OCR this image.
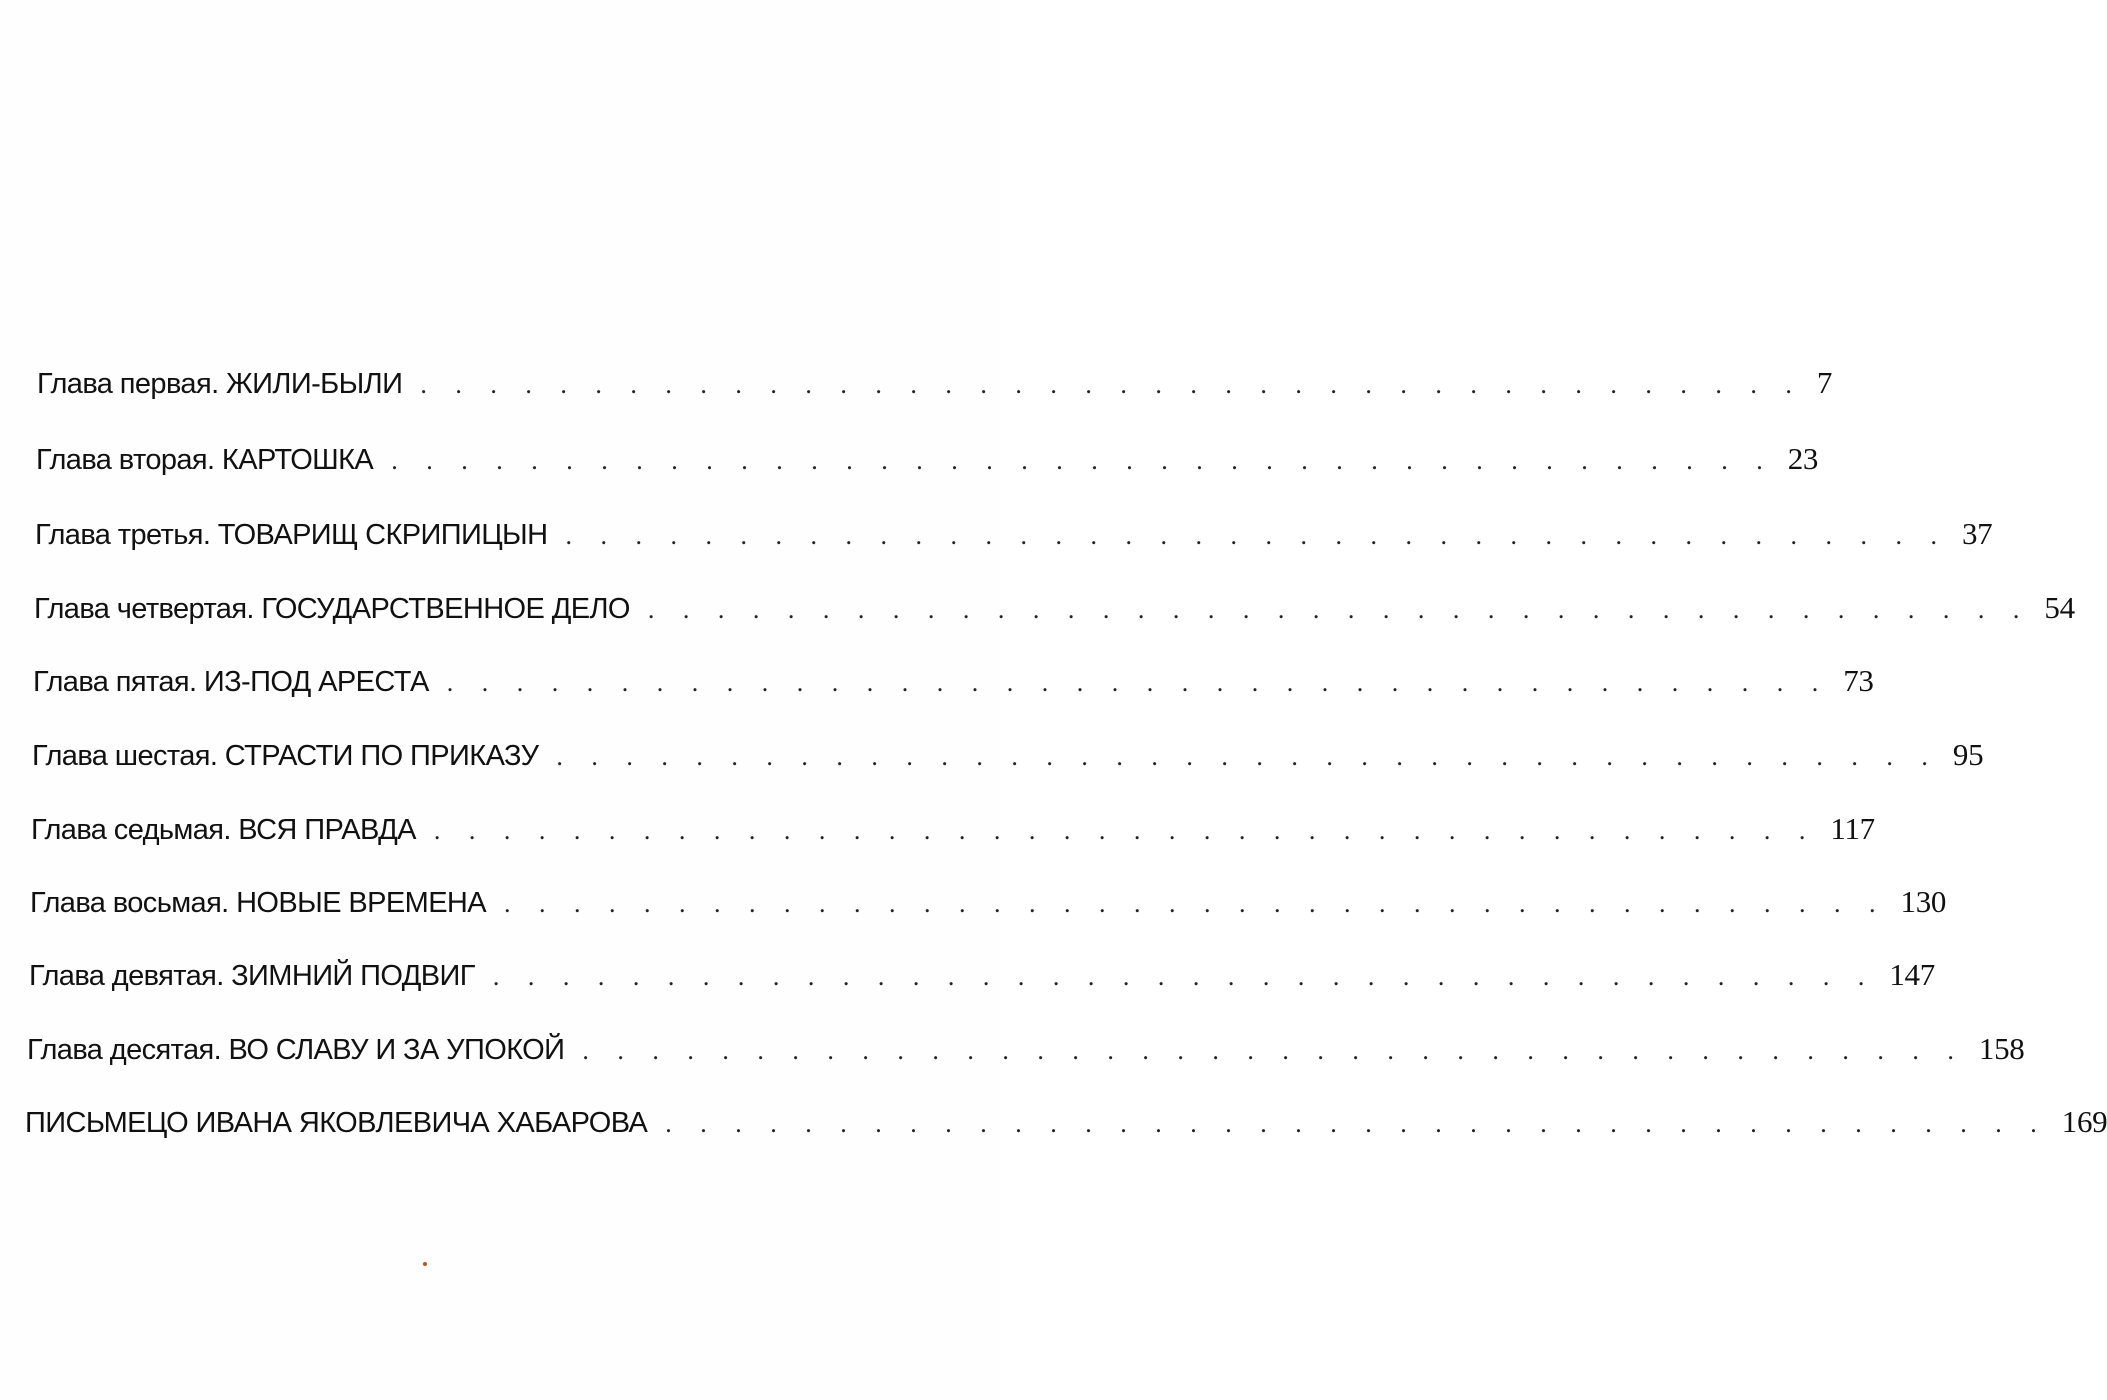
Глава первая. ЖИЛИ-БЫЛИ . . . . . . . . . . . . . . . . . . . . . . . . . . . . . . . . . . . . . . . . 7
Глава вторая. КАРТОШКА . . . . . . . . . . . . . . . . . . . . . . . . . . . . . . . . . . . . . . . . 23
Глава третья. ТОВАРИЩ СКРИПИЦЫН . . . . . . . . . . . . . . . . . . . . . . . . . . . . . . . . . . . . . . . . 37
Глава четвертая. ГОСУДАРСТВЕННОЕ ДЕЛО . . . . . . . . . . . . . . . . . . . . . . . . . . . . . . . . . . . . . . . . 54
Глава пятая. ИЗ-ПОД АРЕСТА . . . . . . . . . . . . . . . . . . . . . . . . . . . . . . . . . . . . . . . . 73
Глава шестая. СТРАСТИ ПО ПРИКАЗУ . . . . . . . . . . . . . . . . . . . . . . . . . . . . . . . . . . . . . . . . 95
Глава седьмая. ВСЯ ПРАВДА . . . . . . . . . . . . . . . . . . . . . . . . . . . . . . . . . . . . . . . . 117
Глава восьмая. НОВЫЕ ВРЕМЕНА . . . . . . . . . . . . . . . . . . . . . . . . . . . . . . . . . . . . . . . . 130
Глава девятая. ЗИМНИЙ ПОДВИГ . . . . . . . . . . . . . . . . . . . . . . . . . . . . . . . . . . . . . . . . 147
Глава десятая. ВО СЛАВУ И ЗА УПОКОЙ . . . . . . . . . . . . . . . . . . . . . . . . . . . . . . . . . . . . . . . . 158
ПИСЬМЕЦО ИВАНА ЯКОВЛЕВИЧА ХАБАРОВА . . . . . . . . . . . . . . . . . . . . . . . . . . . . . . . . . . . . . . . . 169
